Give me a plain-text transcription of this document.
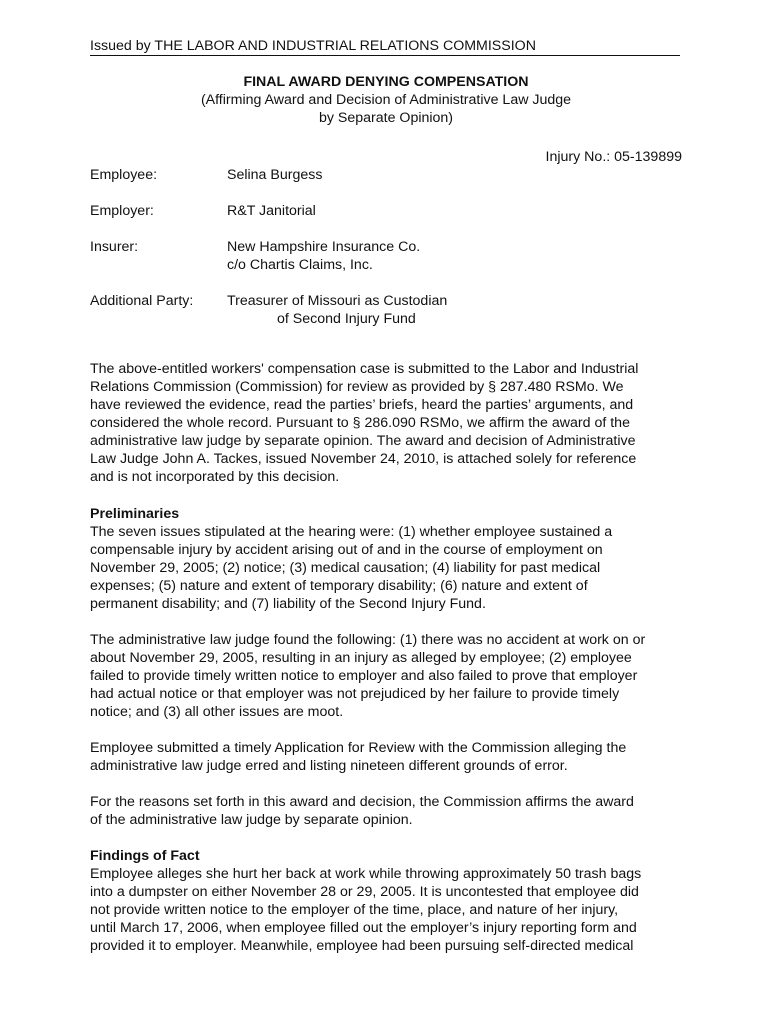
Issued by THE LABOR AND INDUSTRIAL RELATIONS COMMISSION
FINAL AWARD DENYING COMPENSATION
(Affirming Award and Decision of Administrative Law Judge
by Separate Opinion)
Injury No.: 05-139899
Employee:	Selina Burgess
Employer:	R&T Janitorial
Insurer:	New Hampshire Insurance Co.
c/o Chartis Claims, Inc.
Additional Party:	Treasurer of Missouri as Custodian
of Second Injury Fund
The above-entitled workers' compensation case is submitted to the Labor and Industrial
Relations Commission (Commission) for review as provided by § 287.480 RSMo. We
have reviewed the evidence, read the parties’ briefs, heard the parties’ arguments, and
considered the whole record. Pursuant to § 286.090 RSMo, we affirm the award of the
administrative law judge by separate opinion. The award and decision of Administrative
Law Judge John A. Tackes, issued November 24, 2010, is attached solely for reference
and is not incorporated by this decision.
Preliminaries
The seven issues stipulated at the hearing were: (1) whether employee sustained a
compensable injury by accident arising out of and in the course of employment on
November 29, 2005; (2) notice; (3) medical causation; (4) liability for past medical
expenses; (5) nature and extent of temporary disability; (6) nature and extent of
permanent disability; and (7) liability of the Second Injury Fund.
The administrative law judge found the following: (1) there was no accident at work on or
about November 29, 2005, resulting in an injury as alleged by employee; (2) employee
failed to provide timely written notice to employer and also failed to prove that employer
had actual notice or that employer was not prejudiced by her failure to provide timely
notice; and (3) all other issues are moot.
Employee submitted a timely Application for Review with the Commission alleging the
administrative law judge erred and listing nineteen different grounds of error.
For the reasons set forth in this award and decision, the Commission affirms the award
of the administrative law judge by separate opinion.
Findings of Fact
Employee alleges she hurt her back at work while throwing approximately 50 trash bags
into a dumpster on either November 28 or 29, 2005. It is uncontested that employee did
not provide written notice to the employer of the time, place, and nature of her injury,
until March 17, 2006, when employee filled out the employer’s injury reporting form and
provided it to employer. Meanwhile, employee had been pursuing self-directed medical
